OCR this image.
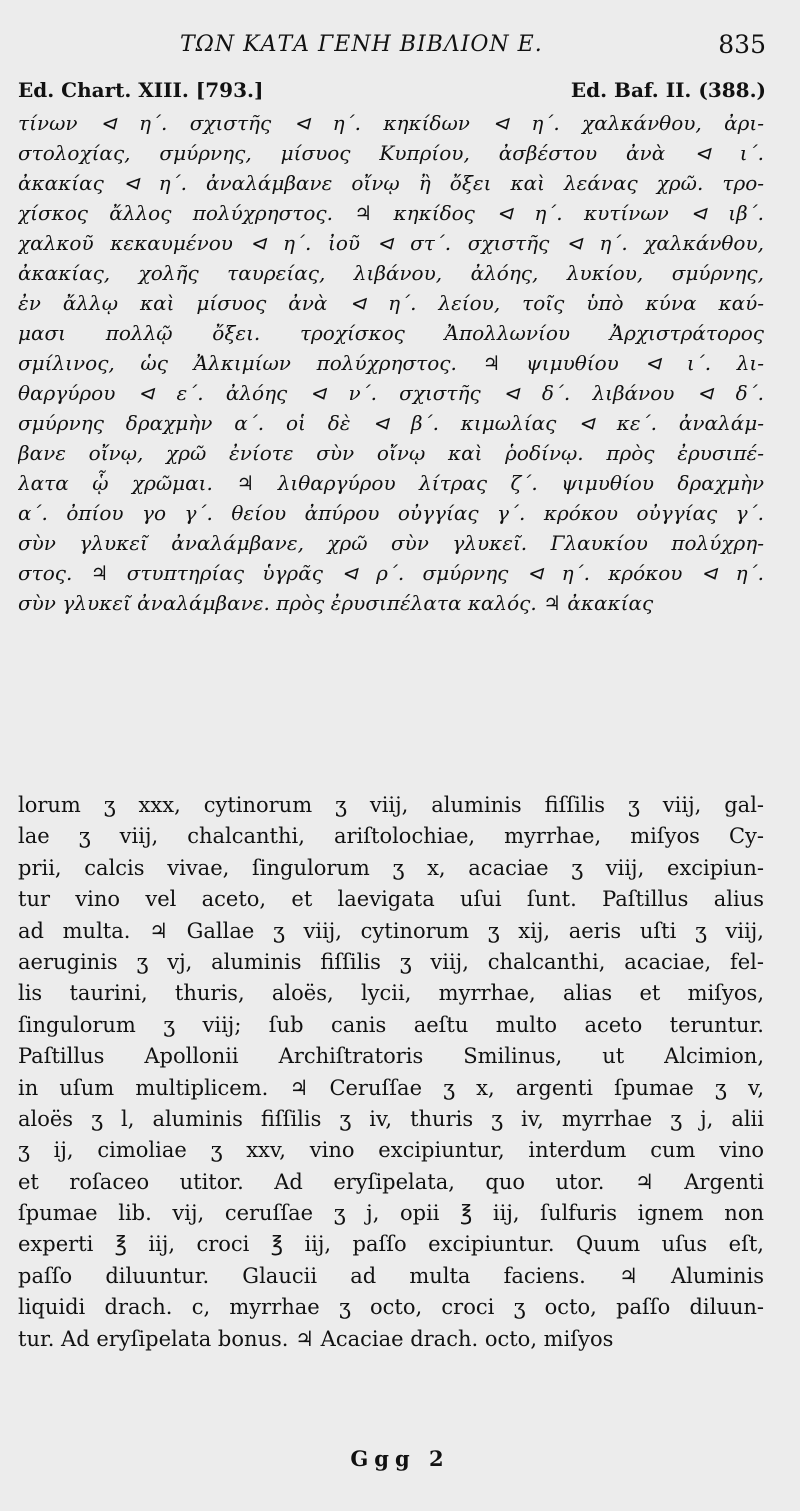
ΤΩΝ ΚΑΤΑ ΓΕΝΗ ΒΙΒΛΙΟΝ Ε.	835
Ed. Chart. XIII. [793.]	Ed. Baf. II. (388.)
τίνων ⊲ η΄. σχιστῆς ⊲ η΄. κηκίδων ⊲ η΄. χαλκάνθου, ἀρι-
στολοχίας, σμύρνης, μίσυος Κυπρίου, ἀσβέστου ἀνὰ ⊲ ι΄.
ἀκακίας ⊲ η΄. ἀναλάμβανε οἴνῳ ἢ ὄξει καὶ λεάνας χρῶ. τρο-
χίσκος ἄλλος πολύχρηστος. ♃ κηκίδος ⊲ η΄. κυτίνων ⊲ ιβ΄.
χαλκοῦ κεκαυμένου ⊲ η΄. ἰοῦ ⊲ στ΄. σχιστῆς ⊲ η΄. χαλκάνθου,
ἀκακίας, χολῆς ταυρείας, λιβάνου, ἀλόης, λυκίου, σμύρνης,
ἐν ἄλλῳ καὶ μίσυος ἀνὰ ⊲ η΄. λείου, τοῖς ὑπὸ κύνα καύ-
μασι πολλῷ ὄξει. τροχίσκος Ἀπολλωνίου Ἀρχιστράτορος
σμίλινος, ὡς Ἀλκιμίων πολύχρηστος. ♃ ψιμυθίου ⊲ ι΄. λι-
θαργύρου ⊲ ε΄. ἀλόης ⊲ ν΄. σχιστῆς ⊲ δ΄. λιβάνου ⊲ δ΄.
σμύρνης δραχμὴν α΄. οἱ δὲ ⊲ β΄. κιμωλίας ⊲ κε΄. ἀναλάμ-
βανε οἴνῳ, χρῶ ἐνίοτε σὺν οἴνῳ καὶ ῥοδίνῳ. πρὸς ἐρυσιπέ-
λατα ᾧ χρῶμαι. ♃ λιθαργύρου λίτρας ζ΄. ψιμυθίου δραχμὴν
α΄. ὀπίου γο γ΄. θείου ἀπύρου οὐγγίας γ΄. κρόκου οὐγγίας γ΄.
σὺν γλυκεῖ ἀναλάμβανε, χρῶ σὺν γλυκεῖ. Γλαυκίου πολύχρη-
στος. ♃ στυπτηρίας ὑγρᾶς ⊲ ρ΄. σμύρνης ⊲ η΄. κρόκου ⊲ η΄.
σὺν γλυκεῖ ἀναλάμβανε. πρὸς ἐρυσιπέλατα καλός. ♃ ἀκακίας
lorum ʒ xxx, cytinorum ʒ viij, aluminis fiſſilis ʒ viij, gal-
lae ʒ viij, chalcanthi, ariſtolochiae, myrrhae, miſyos Cy-
prii, calcis vivae, ſingulorum ʒ x, acaciae ʒ viij, excipiun-
tur vino vel aceto, et laevigata uſui ſunt. Paſtillus alius
ad multa. ♃ Gallae ʒ viij, cytinorum ʒ xij, aeris uſti ʒ viij,
aeruginis ʒ vj, aluminis fiſſilis ʒ viij, chalcanthi, acaciae, fel-
lis taurini, thuris, aloës, lycii, myrrhae, alias et miſyos,
ſingulorum ʒ viij; ſub canis aeſtu multo aceto teruntur.
Paſtillus Apollonii Archiſtratoris Smilinus, ut Alcimion,
in uſum multiplicem. ♃ Ceruſſae ʒ x, argenti ſpumae ʒ v,
aloës ʒ l, aluminis fiſſilis ʒ iv, thuris ʒ iv, myrrhae ʒ j, alii
ʒ ij, cimoliae ʒ xxv, vino excipiuntur, interdum cum vino
et roſaceo utitor. Ad eryſipelata, quo utor. ♃ Argenti
ſpumae lib. vij, ceruſſae ʒ j, opii ℥ iij, ſulfuris ignem non
experti ℥ iij, croci ℥ iij, paſſo excipiuntur. Quum uſus eſt,
paſſo diluuntur. Glaucii ad multa faciens. ♃ Aluminis
liquidi drach. c, myrrhae ʒ octo, croci ʒ octo, paſſo diluun-
tur. Ad eryſipelata bonus. ♃ Acaciae drach. octo, miſyos
Ggg 2
